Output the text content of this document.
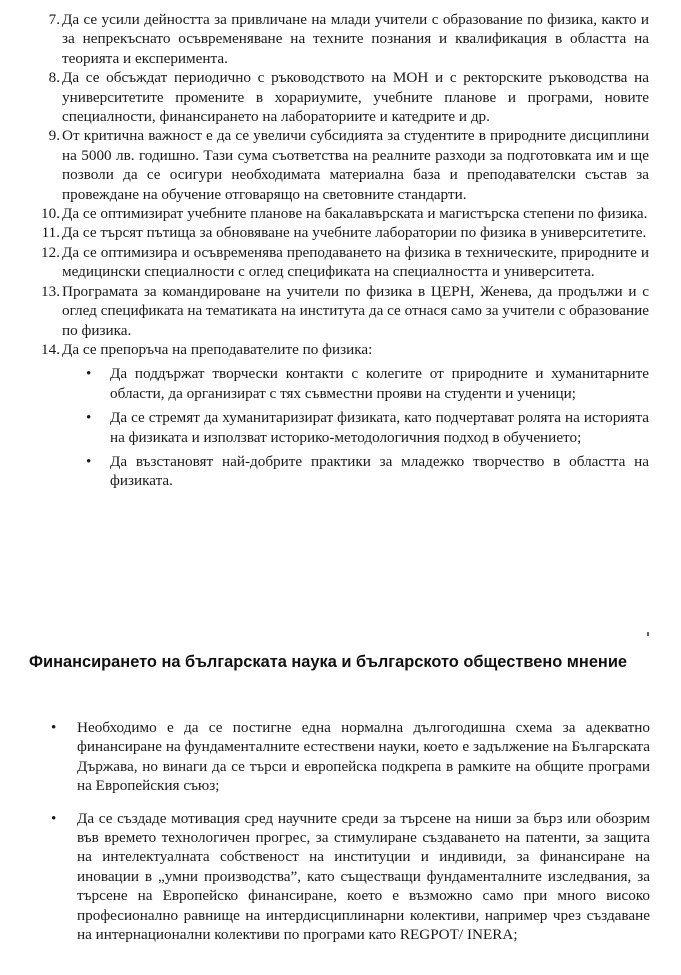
7. Да се усили дейността за привличане на млади учители с образование по физика, както и за непрекъснато осъвременяване на техните познания и квалификация в областта на теорията и експеримента.
8. Да се обсъждат периодично с ръководството на МОН и с ректорските ръководства на университетите промените в хорариумите, учебните планове и програми, новите специалности, финансирането на лабораториите и катедрите и др.
9. От критична важност е да се увеличи субсидията за студентите в природните дисциплини на 5000 лв. годишно. Тази сума съответства на реалните разходи за подготовката им и ще позволи да се осигури необходимата материална база и преподавателски състав за провеждане на обучение отговарящо на световните стандарти.
10. Да се оптимизират учебните планове на бакалавърската и магистърска степени по физика.
11. Да се търсят пътища за обновяване на учебните лаборатории по физика в университетите.
12. Да се оптимизира и осъвременява преподаването на физика в техническите, природните и медицински специалности с оглед спецификата на специалността и университета.
13. Програмата за командироване на учители по физика в ЦЕРН, Женева, да продължи и с оглед спецификата на тематиката на института да се отнася само за учители с образование по физика.
14. Да се препоръча на преподавателите по физика:
• Да поддържат творчески контакти с колегите от природните и хуманитарните области, да организират с тях съвместни прояви на студенти и ученици;
• Да се стремят да хуманитаризират физиката, като подчертават ролята на историята на физиката и използват историко-методологичния подход в обучението;
• Да възстановят най-добрите практики за младежко творчество в областта на физиката.
Финансирането на българската наука и българското обществено мнение
• Необходимо е да се постигне една нормална дългогодишна схема за адекватно финансиране на фундаменталните естествени науки, което е задължение на Българската Държава, но винаги да се търси и европейска подкрепа в рамките на общите програми на Европейския съюз;
• Да се създаде мотивация сред научните среди за търсене на ниши за бърз или обозрим във времето технологичен прогрес, за стимулиране създаването на патенти, за защита на интелектуалната собственост на институции и индивиди, за финансиране на иновации в „умни производства”, като съществащи фундаменталните изследвания, за търсене на Европейско финансиране, което е възможно само при много високо професионално равнище на интердисциплинарни колективи, например чрез създаване на интернационални колективи по програми като REGPOT/ INERA;
